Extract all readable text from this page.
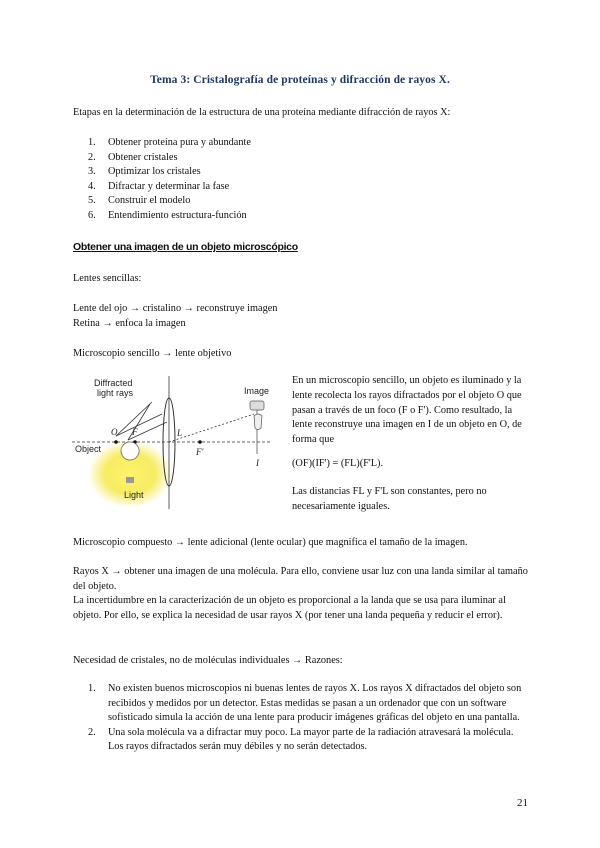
Tema 3: Cristalografía de proteínas y difracción de rayos X.

Etapas en la determinación de la estructura de una proteína mediante difracción de rayos X:

1. Obtener proteína pura y abundante
2. Obtener cristales
3. Optimizar los cristales
4. Difractar y determinar la fase
5. Construir el modelo
6. Entendimiento estructura-función
Obtener una imagen de un objeto microscópico

Lentes sencillas:

Lente del ojo → cristalino → reconstruye imagen

Retina → enfoca la imagen

Microscopio sencillo → lente objetivo

Diffracted
light rays	Image
Object
Light
O F	L
F'
I

En un microscopio sencillo, un objeto es iluminado y la lente recolecta los rayos difractados por el objeto O que pasan a través de un foco (F o F'). Como resultado, la lente reconstruye una imagen en I de un objeto en O, de forma que

(OF)(IF') = (FL)(F'L).

Las distancias FL y F'L son constantes, pero no necesariamente iguales.

Microscopio compuesto → lente adicional (lente ocular) que magnifica el tamaño de la imagen.

Rayos X → obtener una imagen de una molécula. Para ello, conviene usar luz con una landa similar al tamaño del objeto.

La incertidumbre en la caracterización de un objeto es proporcional a la landa que se usa para iluminar al objeto. Por ello, se explica la necesidad de usar rayos X (por tener una landa pequeña y reducir el error).

Necesidad de cristales, no de moléculas individuales → Razones:

1. No existen buenos microscopios ni buenas lentes de rayos X. Los rayos X difractados del objeto son recibidos y medidos por un detector. Estas medidas se pasan a un ordenador que con un software sofisticado simula la acción de una lente para producir imágenes gráficas del objeto en una pantalla.
2. Una sola molécula va a difractar muy poco. La mayor parte de la radiación atravesará la molécula. Los rayos difractados serán muy débiles y no serán detectados.
21
